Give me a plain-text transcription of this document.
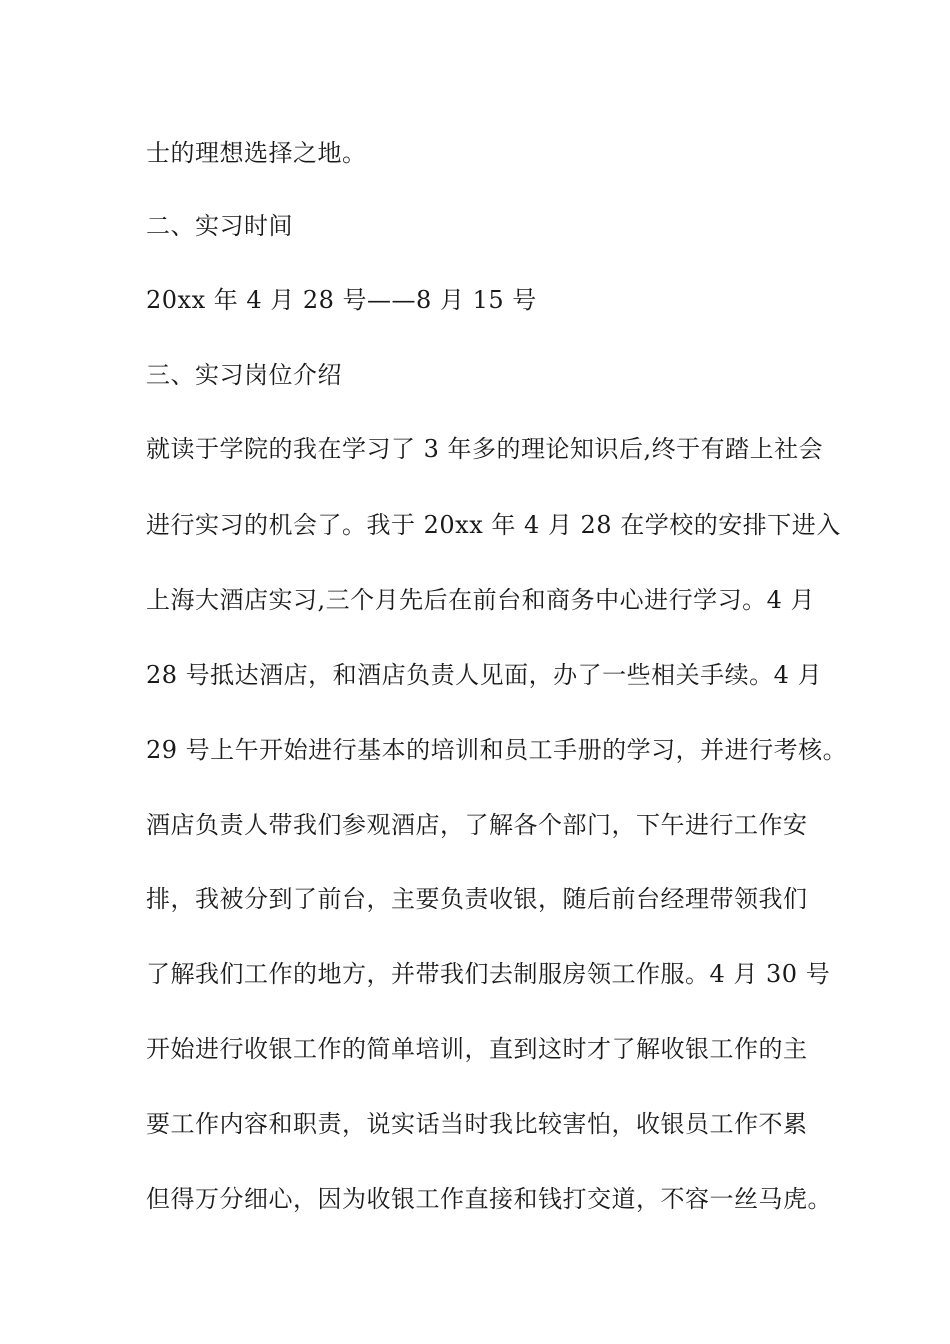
士的理想选择之地。
二、实习时间
20xx 年 4 月 28 号——8 月 15 号
三、实习岗位介绍
就读于学院的我在学习了 3 年多的理论知识后,终于有踏上社会
进行实习的机会了。我于 20xx 年 4 月 28 在学校的安排下进入
上海大酒店实习,三个月先后在前台和商务中心进行学习。4 月
28 号抵达酒店，和酒店负责人见面，办了一些相关手续。4 月
29 号上午开始进行基本的培训和员工手册的学习，并进行考核。
酒店负责人带我们参观酒店，了解各个部门，下午进行工作安
排，我被分到了前台，主要负责收银，随后前台经理带领我们
了解我们工作的地方，并带我们去制服房领工作服。4 月 30 号
开始进行收银工作的简单培训，直到这时才了解收银工作的主
要工作内容和职责，说实话当时我比较害怕，收银员工作不累
但得万分细心，因为收银工作直接和钱打交道，不容一丝马虎。
